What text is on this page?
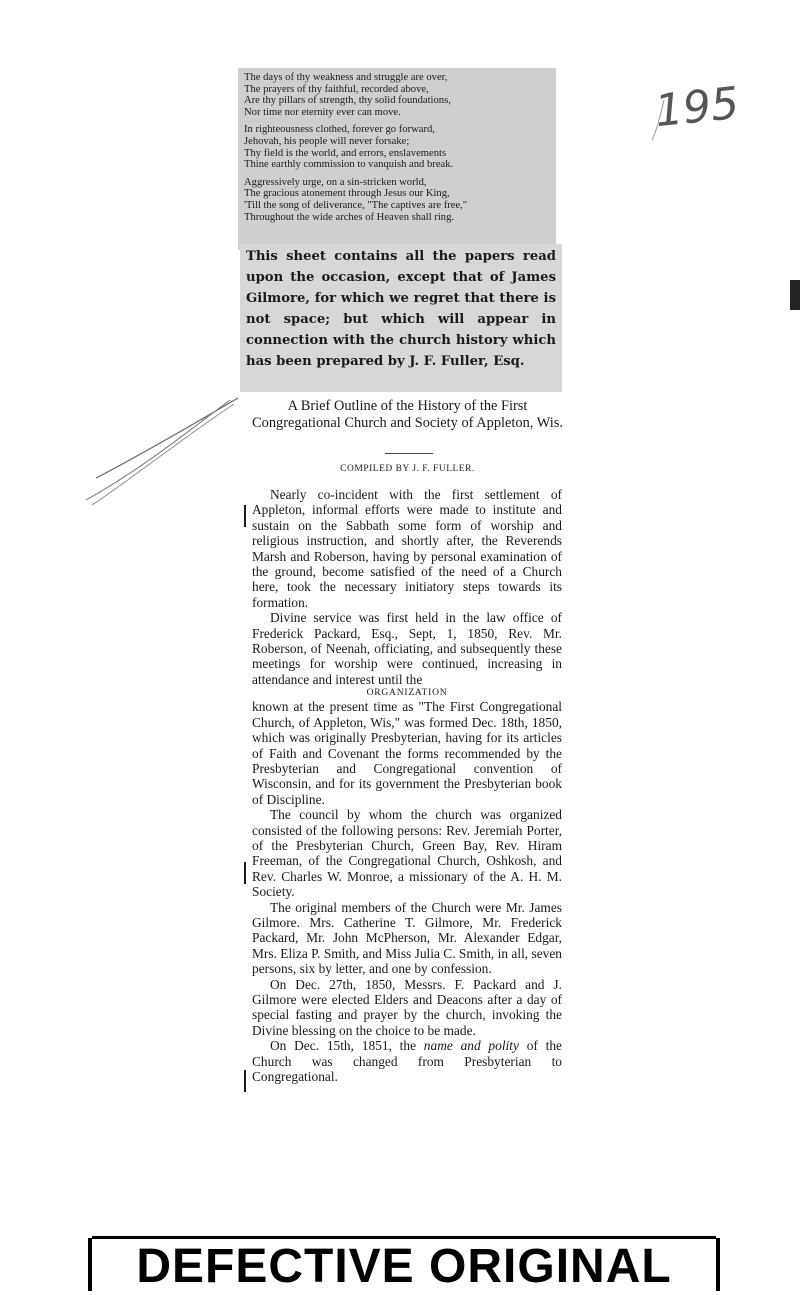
195
The days of thy weakness and struggle are over,
The prayers of thy faithful, recorded above,
Are thy pillars of strength, thy solid foundations,
Nor time nor eternity ever can move.
In righteousness clothed, forever go forward,
Jehovah, his people will never forsake;
Thy field is the world, and errors, enslavements
Thine earthly commission to vanquish and break.
Aggressively urge, on a sin-stricken world,
The gracious atonement through Jesus our King,
'Till the song of deliverance, "The captives are free,"
Throughout the wide arches of Heaven shall ring.
This sheet contains all the papers read upon the occasion, except that of James Gilmore, for which we regret that there is not space; but which will appear in connection with the church history which has been prepared by J. F. Fuller, Esq.
A Brief Outline of the History of the First Congregational Church and Society of Appleton, Wis.
COMPILED BY J. F. FULLER.

Nearly co-incident with the first settlement of Appleton, informal efforts were made to institute and sustain on the Sabbath some form of worship and religious instruction, and shortly after, the Reverends Marsh and Roberson, having by personal examination of the ground, become satisfied of the need of a Church here, took the necessary initiatory steps towards its formation.

Divine service was first held in the law office of Frederick Packard, Esq., Sept, 1, 1850, Rev. Mr. Roberson, of Neenah, officiating, and subsequently these meetings for worship were continued, increasing in attendance and interest until the

ORGANIZATION

known at the present time as "The First Congregational Church, of Appleton, Wis," was formed Dec. 18th, 1850, which was originally Presbyterian, having for its articles of Faith and Covenant the forms recommended by the Presbyterian and Congregational convention of Wisconsin, and for its government the Presbyterian book of Discipline.

The council by whom the church was organized consisted of the following persons: Rev. Jeremiah Porter, of the Presbyterian Church, Green Bay, Rev. Hiram Freeman, of the Congregational Church, Oshkosh, and Rev. Charles W. Monroe, a missionary of the A. H. M. Society.

The original members of the Church were Mr. James Gilmore. Mrs. Catherine T. Gilmore, Mr. Frederick Packard, Mr. John McPherson, Mr. Alexander Edgar, Mrs. Eliza P. Smith, and Miss Julia C. Smith, in all, seven persons, six by letter, and one by confession.

On Dec. 27th, 1850, Messrs. F. Packard and J. Gilmore were elected Elders and Deacons after a day of special fasting and prayer by the church, invoking the Divine blessing on the choice to be made.

On Dec. 15th, 1851, the name and polity of the Church was changed from Presbyterian to Congregational.

DEFECTIVE ORIGINAL
